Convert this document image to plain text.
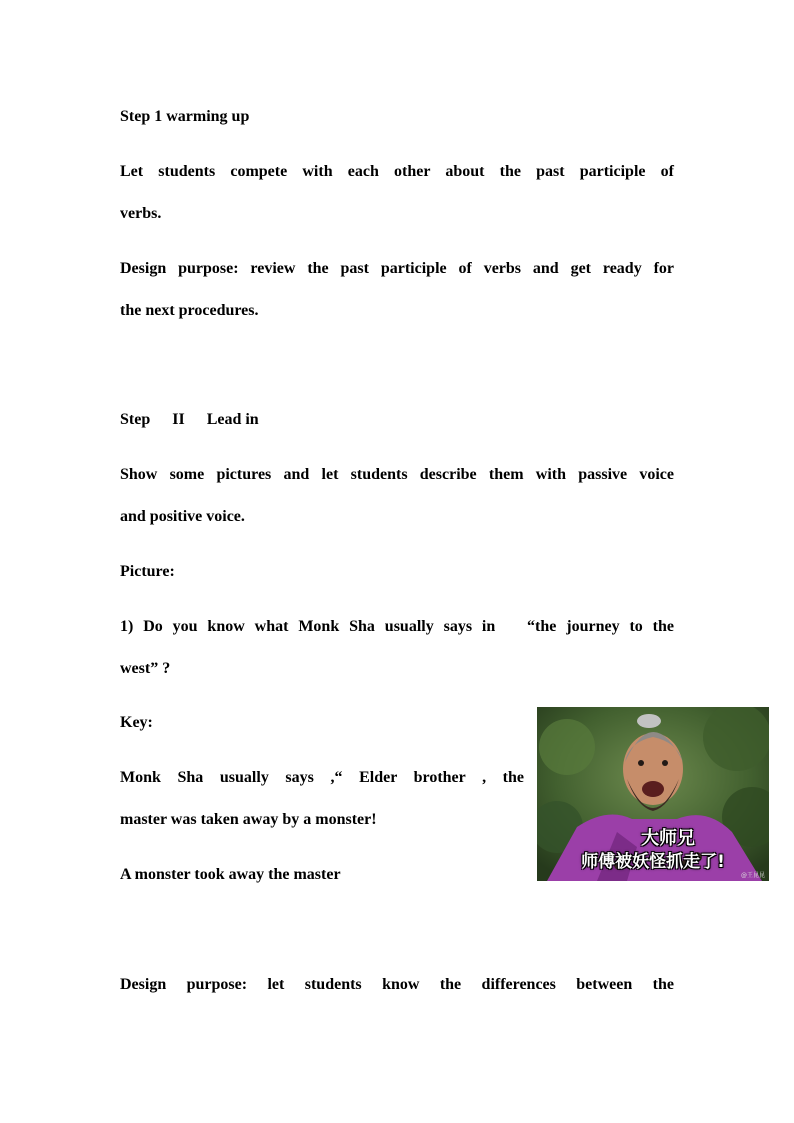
Step 1 warming up
Let students compete with each other about the past participle of
verbs.
Design purpose: review the past participle of verbs and get ready for
the next procedures.
Step II Lead in
Show some pictures and let students describe them with passive voice
and positive voice.
Picture:
1) Do you know what Monk Sha usually says in 　“the journey to the
west” ?
Key:
Monk Sha usually says ,“ Elder brother , the
master was taken away by a monster!
A monster took away the master
Design purpose: let students know the differences between the
大师兄
师傅被妖怪抓走了!
@王昆昆
